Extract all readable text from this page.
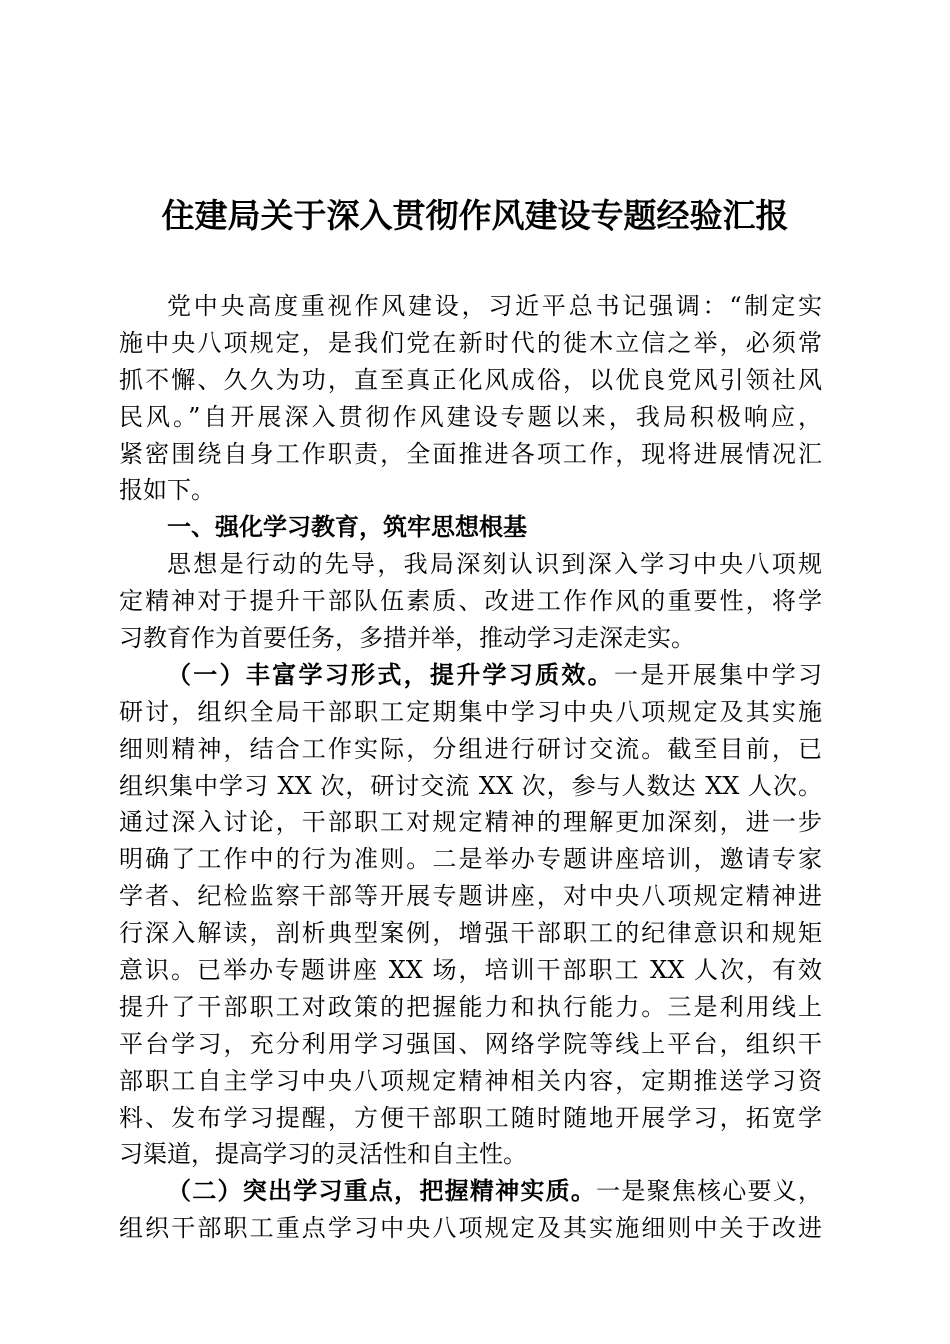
住建局关于深入贯彻作风建设专题经验汇报
党中央高度重视作风建设，习近平总书记强调：“制定实
施中央八项规定，是我们党在新时代的徙木立信之举，必须常
抓不懈、久久为功，直至真正化风成俗，以优良党风引领社风
民风。”自开展深入贯彻作风建设专题以来，我局积极响应，
紧密围绕自身工作职责，全面推进各项工作，现将进展情况汇
报如下。
一、强化学习教育，筑牢思想根基
思想是行动的先导，我局深刻认识到深入学习中央八项规
定精神对于提升干部队伍素质、改进工作作风的重要性，将学
习教育作为首要任务，多措并举，推动学习走深走实。
（一）丰富学习形式，提升学习质效。一是开展集中学习
研讨，组织全局干部职工定期集中学习中央八项规定及其实施
细则精神，结合工作实际，分组进行研讨交流。截至目前，已
组织集中学习 XX 次，研讨交流 XX 次，参与人数达 XX 人次。
通过深入讨论，干部职工对规定精神的理解更加深刻，进一步
明确了工作中的行为准则。二是举办专题讲座培训，邀请专家
学者、纪检监察干部等开展专题讲座，对中央八项规定精神进
行深入解读，剖析典型案例，增强干部职工的纪律意识和规矩
意识。已举办专题讲座 XX 场，培训干部职工 XX 人次，有效
提升了干部职工对政策的把握能力和执行能力。三是利用线上
平台学习，充分利用学习强国、网络学院等线上平台，组织干
部职工自主学习中央八项规定精神相关内容，定期推送学习资
料、发布学习提醒，方便干部职工随时随地开展学习，拓宽学
习渠道，提高学习的灵活性和自主性。
（二）突出学习重点，把握精神实质。一是聚焦核心要义，
组织干部职工重点学习中央八项规定及其实施细则中关于改进
